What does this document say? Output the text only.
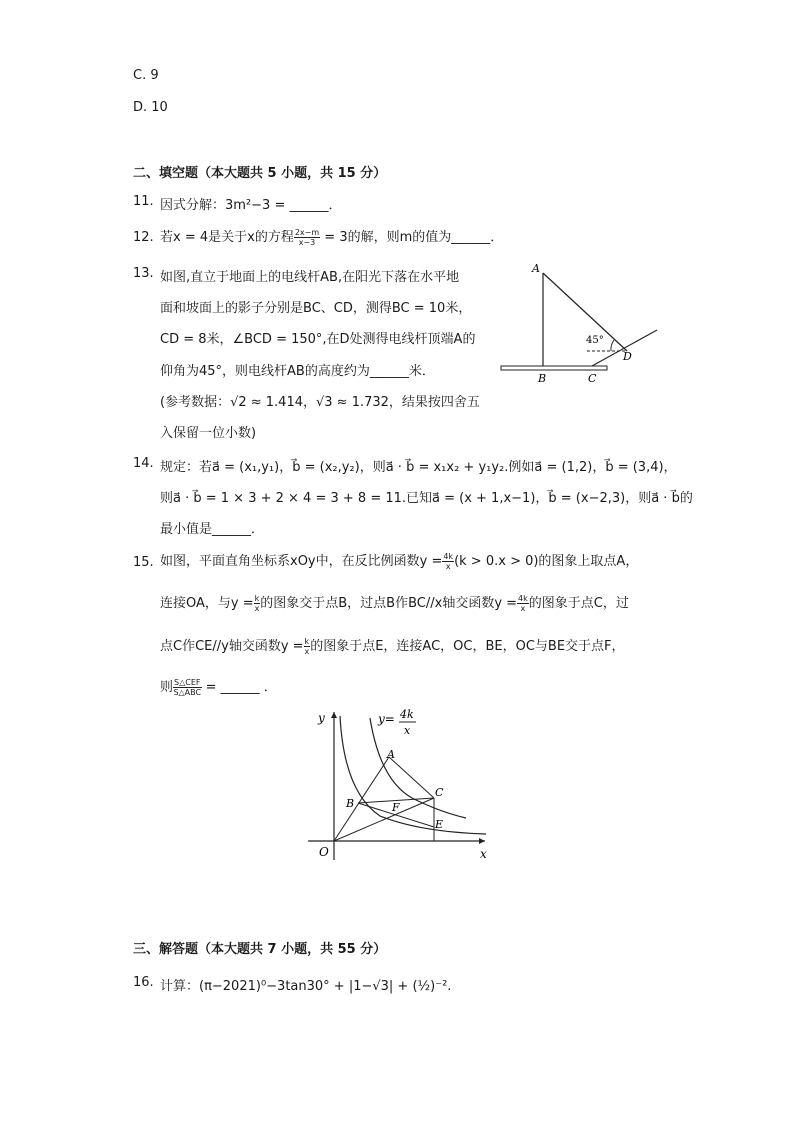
C. 9
D. 10
二、填空题（本大题共 5 小题，共 15 分）
11. 因式分解：3m²−3 = ______．
12. 若x = 4是关于x的方程 $\frac{2x-m}{x-3} = 3$的解，则m的值为______．
13. 如图,直立于地面上的电线杆AB,在阳光下落在水平地
面和坡面上的影子分别是BC、CD，测得BC = 10米，
CD = 8米，∠BCD = 150°,在D处测得电线杆顶端A的
仰角为45°，则电线杆AB的高度约为______米．
(参考数据：√2 ≈ 1.414，√3 ≈ 1.732，结果按四舍五
入保留一位小数)
A
B	C
D
45°
14. 规定：若a⃗ = (x₁,y₁)，b⃗ = (x₂,y₂)，则a⃗ · b⃗ = x₁x₂ + y₁y₂.例如a⃗ = (1,2)，b⃗ = (3,4)，
则a⃗ · b⃗ = 1 × 3 + 2 × 4 = 3 + 8 = 11.已知a⃗ = (x + 1,x−1)，b⃗ = (x−2,3)，则a⃗ · b⃗的
最小值是______．
15. 如图，平面直角坐标系xOy中，在反比例函数$y = \frac{4k}{x} (k > 0.x > 0)$的图象上取点A，
连接OA，与$y = \frac{k}{x}$ 的图象交于点B，过点B作BC//x轴交函数$y = \frac{4k}{x}$ 的图象于点C，过
点C作CE//y轴交函数$y = \frac{k}{x}$ 的图象于点E，连接AC，OC，BE，OC与BE交于点F，
则 $\frac{\text{S△CEF}}{\text{S△ABC}}$ = ______ ．
y
x
O
A
B
C
E
F
y= 4k
x
三、解答题（本大题共 7 小题，共 55 分）
16. 计算：(π−2021)⁰−3tan30° + |1−√3| + (½)⁻².
